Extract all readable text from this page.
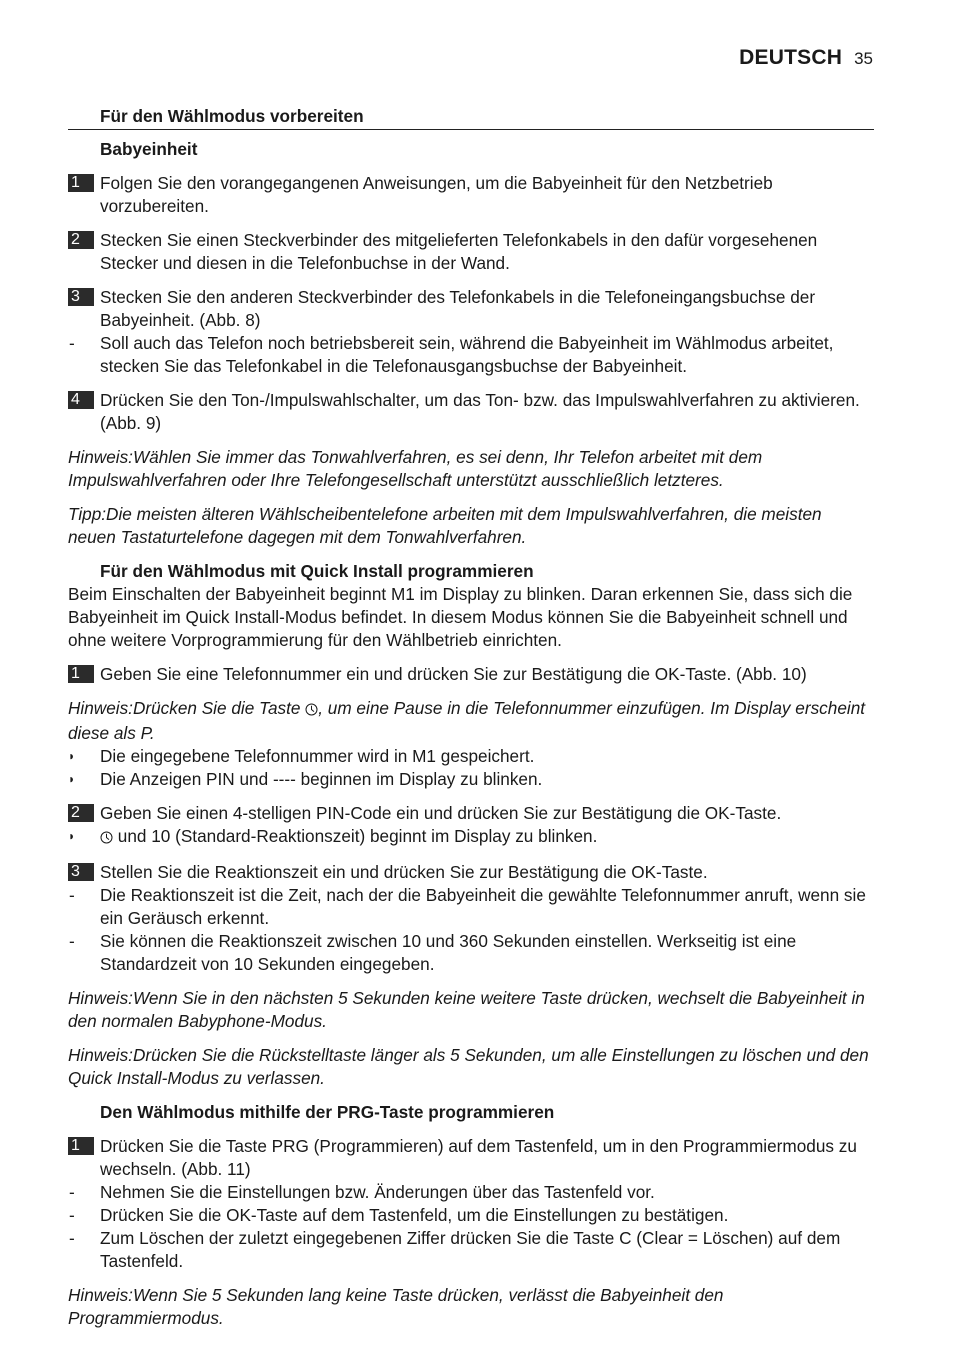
DEUTSCH 35
Für den Wählmodus vorbereiten
Babyeinheit
1	Folgen Sie den vorangegangenen Anweisungen, um die Babyeinheit für den Netzbetrieb vorzubereiten.
2	Stecken Sie einen Steckverbinder des mitgelieferten Telefonkabels in den dafür vorgesehenen Stecker und diesen in die Telefonbuchse in der Wand.
3	Stecken Sie den anderen Steckverbinder des Telefonkabels in die Telefoneingangsbuchse der Babyeinheit. (Abb. 8)
-	Soll auch das Telefon noch betriebsbereit sein, während die Babyeinheit im Wählmodus arbeitet, stecken Sie das Telefonkabel in die Telefonausgangsbuchse der Babyeinheit.
4	Drücken Sie den Ton-/Impulswahlschalter, um das Ton- bzw. das Impulswahlverfahren zu aktivieren. (Abb. 9)
Hinweis:Wählen Sie immer das Tonwahlverfahren, es sei denn, Ihr Telefon arbeitet mit dem Impulswahlverfahren oder Ihre Telefongesellschaft unterstützt ausschließlich letzteres.
Tipp:Die meisten älteren Wählscheibentelefone arbeiten mit dem Impulswahlverfahren, die meisten neuen Tastaturtelefone dagegen mit dem Tonwahlverfahren.
Für den Wählmodus mit Quick Install programmieren
Beim Einschalten der Babyeinheit beginnt M1 im Display zu blinken. Daran erkennen Sie, dass sich die Babyeinheit im Quick Install-Modus befindet. In diesem Modus können Sie die Babyeinheit schnell und ohne weitere Vorprogrammierung für den Wählbetrieb einrichten.
1	Geben Sie eine Telefonnummer ein und drücken Sie zur Bestätigung die OK-Taste. (Abb. 10)
Hinweis:Drücken Sie die Taste , um eine Pause in die Telefonnummer einzufügen. Im Display erscheint diese als P.
◗	Die eingegebene Telefonnummer wird in M1 gespeichert.
◗	Die Anzeigen PIN und ---- beginnen im Display zu blinken.
2	Geben Sie einen 4-stelligen PIN-Code ein und drücken Sie zur Bestätigung die OK-Taste.
◗	und 10 (Standard-Reaktionszeit) beginnt im Display zu blinken.
3	Stellen Sie die Reaktionszeit ein und drücken Sie zur Bestätigung die OK-Taste.
-	Die Reaktionszeit ist die Zeit, nach der die Babyeinheit die gewählte Telefonnummer anruft, wenn sie ein Geräusch erkennt.
-	Sie können die Reaktionszeit zwischen 10 und 360 Sekunden einstellen. Werkseitig ist eine Standardzeit von 10 Sekunden eingegeben.
Hinweis:Wenn Sie in den nächsten 5 Sekunden keine weitere Taste drücken, wechselt die Babyeinheit in den normalen Babyphone-Modus.
Hinweis:Drücken Sie die Rückstelltaste länger als 5 Sekunden, um alle Einstellungen zu löschen und den Quick Install-Modus zu verlassen.
Den Wählmodus mithilfe der PRG-Taste programmieren
1	Drücken Sie die Taste PRG (Programmieren) auf dem Tastenfeld, um in den Programmiermodus zu wechseln. (Abb. 11)
-	Nehmen Sie die Einstellungen bzw. Änderungen über das Tastenfeld vor.
-	Drücken Sie die OK-Taste auf dem Tastenfeld, um die Einstellungen zu bestätigen.
-	Zum Löschen der zuletzt eingegebenen Ziffer drücken Sie die Taste C (Clear = Löschen) auf dem Tastenfeld.
Hinweis:Wenn Sie 5 Sekunden lang keine Taste drücken, verlässt die Babyeinheit den Programmiermodus.
